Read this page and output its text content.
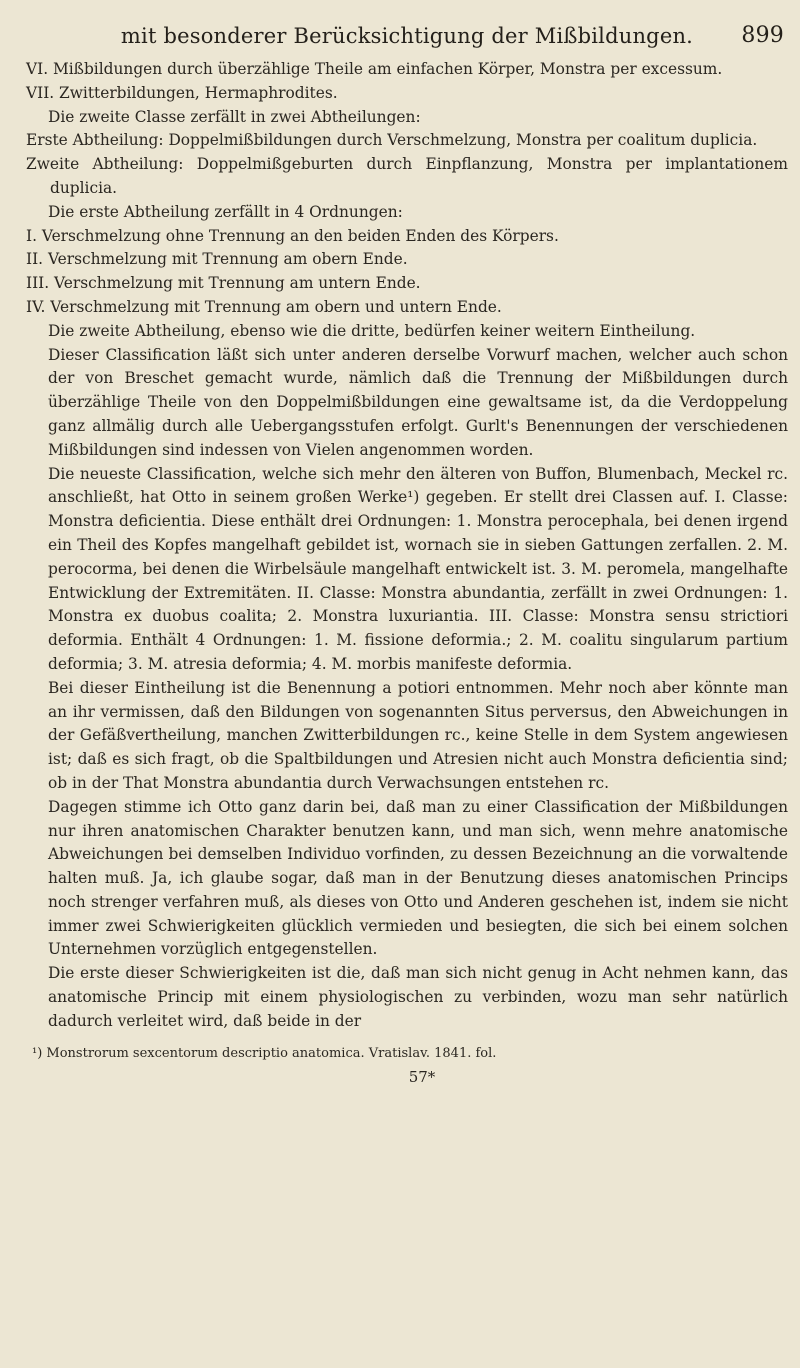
mit besonderer Berücksichtigung der Mißbildungen. 899

VI. Mißbildungen durch überzählige Theile am einfachen Körper, Monstra per excessum.

VII. Zwitterbildungen, Hermaphrodites.

Die zweite Classe zerfällt in zwei Abtheilungen:

Erste Abtheilung: Doppelmißbildungen durch Verschmelzung, Monstra per coalitum duplicia.

Zweite Abtheilung: Doppelmißgeburten durch Einpflanzung, Monstra per implantationem duplicia.

Die erste Abtheilung zerfällt in 4 Ordnungen:

I. Verschmelzung ohne Trennung an den beiden Enden des Körpers.

II. Verschmelzung mit Trennung am obern Ende.

III. Verschmelzung mit Trennung am untern Ende.

IV. Verschmelzung mit Trennung am obern und untern Ende.

Die zweite Abtheilung, ebenso wie die dritte, bedürfen keiner weitern Eintheilung.

Dieser Classification läßt sich unter anderen derselbe Vorwurf machen, welcher auch schon der von Breschet gemacht wurde, nämlich daß die Trennung der Mißbildungen durch überzählige Theile von den Doppelmißbildungen eine gewaltsame ist, da die Verdoppelung ganz allmälig durch alle Uebergangsstufen erfolgt. Gurlt's Benennungen der verschiedenen Mißbildungen sind indessen von Vielen angenommen worden.

Die neueste Classification, welche sich mehr den älteren von Buffon, Blumenbach, Meckel rc. anschließt, hat Otto in seinem großen Werke¹) gegeben. Er stellt drei Classen auf. I. Classe: Monstra deficientia. Diese enthält drei Ordnungen: 1. Monstra perocephala, bei denen irgend ein Theil des Kopfes mangelhaft gebildet ist, wornach sie in sieben Gattungen zerfallen. 2. M. perocorma, bei denen die Wirbelsäule mangelhaft entwickelt ist. 3. M. peromela, mangelhafte Entwicklung der Extremitäten. II. Classe: Monstra abundantia, zerfällt in zwei Ordnungen: 1. Monstra ex duobus coalita; 2. Monstra luxuriantia. III. Classe: Monstra sensu strictiori deformia. Enthält 4 Ordnungen: 1. M. fissione deformia.; 2. M. coalitu singularum partium deformia; 3. M. atresia deformia; 4. M. morbis manifeste deformia.

Bei dieser Eintheilung ist die Benennung a potiori entnommen. Mehr noch aber könnte man an ihr vermissen, daß den Bildungen von sogenannten Situs perversus, den Abweichungen in der Gefäßvertheilung, manchen Zwitterbildungen rc., keine Stelle in dem System angewiesen ist; daß es sich fragt, ob die Spaltbildungen und Atresien nicht auch Monstra deficientia sind; ob in der That Monstra abundantia durch Verwachsungen entstehen rc.

Dagegen stimme ich Otto ganz darin bei, daß man zu einer Classification der Mißbildungen nur ihren anatomischen Charakter benutzen kann, und man sich, wenn mehre anatomische Abweichungen bei demselben Individuo vorfinden, zu dessen Bezeichnung an die vorwaltende halten muß. Ja, ich glaube sogar, daß man in der Benutzung dieses anatomischen Princips noch strenger verfahren muß, als dieses von Otto und Anderen geschehen ist, indem sie nicht immer zwei Schwierigkeiten glücklich vermieden und besiegten, die sich bei einem solchen Unternehmen vorzüglich entgegenstellen.

Die erste dieser Schwierigkeiten ist die, daß man sich nicht genug in Acht nehmen kann, das anatomische Princip mit einem physiologischen zu verbinden, wozu man sehr natürlich dadurch verleitet wird, daß beide in der

¹) Monstrorum sexcentorum descriptio anatomica. Vratislav. 1841. fol.
57*
